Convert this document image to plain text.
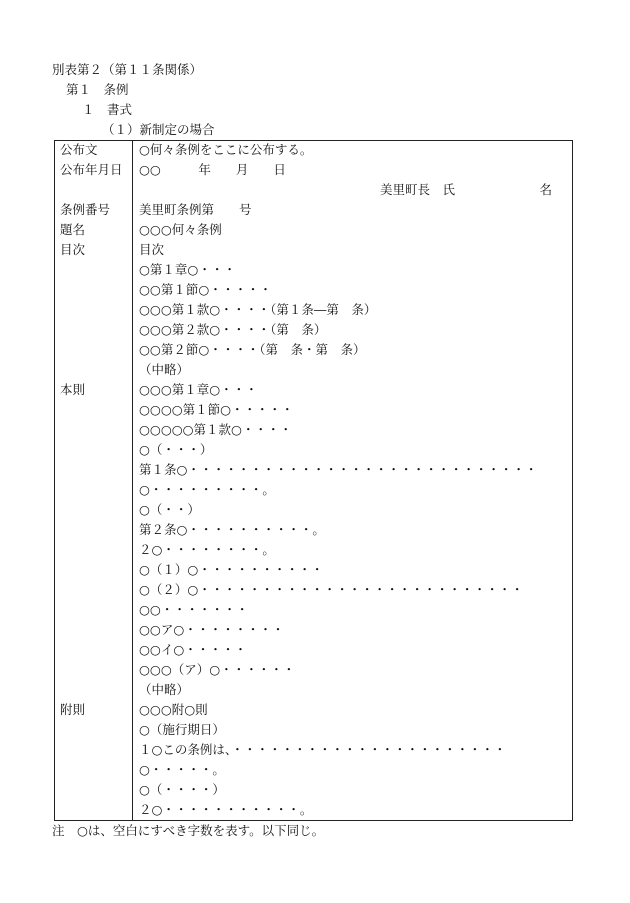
別表第２（第１１条関係）
第１　条例
１　書式
（１）新制定の場合
公布文
公布年月日
条例番号
題名
目次
本則
附則
○何々条例をここに公布する。
○○　　　年　　月　　日
美里町長　氏	名
美里町条例第　　号
○○○何々条例
目次
○第１章○・・・
○○第１節○・・・・・
○○○第１款○・・・・（第１条―第　条）
○○○第２款○・・・・（第　条）
○○第２節○・・・・（第　条・第　条）
（中略）
○○○第１章○・・・
○○○○第１節○・・・・・
○○○○○第１款○・・・・
○（・・・）
第１条○・・・・・・・・・・・・・・・・・・・・・・・・・・・・
○・・・・・・・・・。
○（・・）
第２条○・・・・・・・・・・。
２○・・・・・・・・。
○（１）○・・・・・・・・・・
○（２）○・・・・・・・・・・・・・・・・・・・・・・・・・・
○○・・・・・・・
○○ア○・・・・・・・・
○○イ○・・・・・
○○○（ア）○・・・・・・
（中略）
○○○附○則
○（施行期日）
１○この条例は、・・・・・・・・・・・・・・・・・・・・・・
○・・・・・。
○（・・・・）
２○・・・・・・・・・・・。
注　○は、空白にすべき字数を表す。以下同じ。
